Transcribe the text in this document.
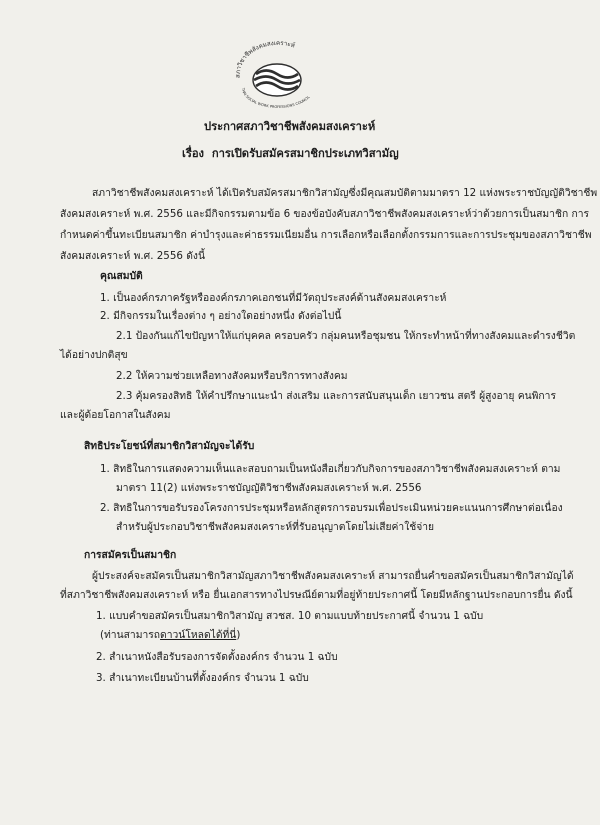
สภาวิชาชีพสังคมสงเคราะห์
THAI SOCIAL WORK PROFESSIONS COUNCIL
ประกาศสภาวิชาชีพสังคมสงเคราะห์
เรื่อง การเปิดรับสมัครสมาชิกประเภทวิสามัญ
สภาวิชาชีพสังคมสงเคราะห์ ได้เปิดรับสมัครสมาชิกวิสามัญซึ่งมีคุณสมบัติตามมาตรา 12 แห่งพระราชบัญญัติวิชาชีพ
สังคมสงเคราะห์ พ.ศ. 2556 และมีกิจกรรมตามข้อ 6 ของข้อบังคับสภาวิชาชีพสังคมสงเคราะห์ว่าด้วยการเป็นสมาชิก การ
กำหนดค่าขึ้นทะเบียนสมาชิก ค่าบำรุงและค่าธรรมเนียมอื่น การเลือกหรือเลือกตั้งกรรมการและการประชุมของสภาวิชาชีพ
สังคมสงเคราะห์ พ.ศ. 2556 ดังนี้
คุณสมบัติ
1. เป็นองค์กรภาครัฐหรือองค์กรภาคเอกชนที่มีวัตถุประสงค์ด้านสังคมสงเคราะห์
2. มีกิจกรรมในเรื่องต่าง ๆ อย่างใดอย่างหนึ่ง ดังต่อไปนี้
2.1 ป้องกันแก้ไขปัญหาให้แก่บุคคล ครอบครัว กลุ่มคนหรือชุมชน ให้กระทำหน้าที่ทางสังคมและดำรงชีวิต
ได้อย่างปกติสุข
2.2 ให้ความช่วยเหลือทางสังคมหรือบริการทางสังคม
2.3 คุ้มครองสิทธิ ให้คำปรึกษาแนะนำ ส่งเสริม และการสนับสนุนเด็ก เยาวชน สตรี ผู้สูงอายุ คนพิการ
และผู้ด้อยโอกาสในสังคม
สิทธิประโยชน์ที่สมาชิกวิสามัญจะได้รับ
1. สิทธิในการแสดงความเห็นและสอบถามเป็นหนังสือเกี่ยวกับกิจการของสภาวิชาชีพสังคมสงเคราะห์ ตาม
มาตรา 11(2) แห่งพระราชบัญญัติวิชาชีพสังคมสงเคราะห์ พ.ศ. 2556
2. สิทธิในการขอรับรองโครงการประชุมหรือหลักสูตรการอบรมเพื่อประเมินหน่วยคะแนนการศึกษาต่อเนื่อง
สำหรับผู้ประกอบวิชาชีพสังคมสงเคราะห์ที่รับอนุญาตโดยไม่เสียค่าใช้จ่าย
การสมัครเป็นสมาชิก
ผู้ประสงค์จะสมัครเป็นสมาชิกวิสามัญสภาวิชาชีพสังคมสงเคราะห์ สามารถยื่นคำขอสมัครเป็นสมาชิกวิสามัญได้
ที่สภาวิชาชีพสังคมสงเคราะห์ หรือ ยื่นเอกสารทางไปรษณีย์ตามที่อยู่ท้ายประกาศนี้ โดยมีหลักฐานประกอบการยื่น ดังนี้
1. แบบคำขอสมัครเป็นสมาชิกวิสามัญ สวชส. 10 ตามแบบท้ายประกาศนี้ จำนวน 1 ฉบับ
(ท่านสามารถดาวน์โหลดได้ที่นี่)
2. สำเนาหนังสือรับรองการจัดตั้งองค์กร จำนวน 1 ฉบับ
3. สำเนาทะเบียนบ้านที่ตั้งองค์กร จำนวน 1 ฉบับ
